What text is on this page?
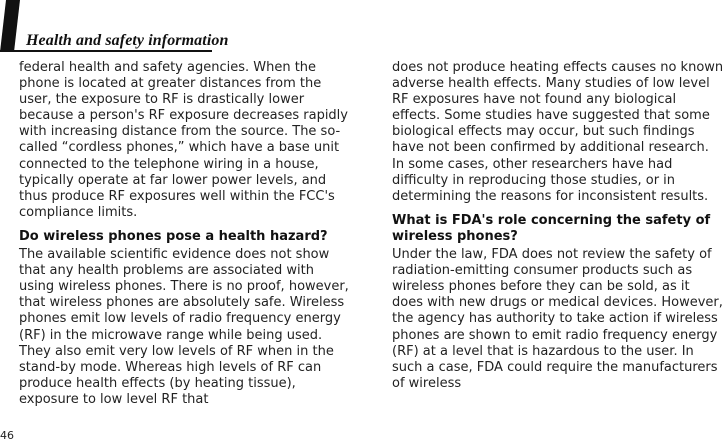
Health and safety information

federal health and safety agencies. When the phone is located at greater distances from the user, the exposure to RF is drastically lower because a person's RF exposure decreases rapidly with increasing distance from the source. The so-called “cordless phones,” which have a base unit connected to the telephone wiring in a house, typically operate at far lower power levels, and thus produce RF exposures well within the FCC's compliance limits.

Do wireless phones pose a health hazard?

The available scientific evidence does not show that any health problems are associated with using wireless phones. There is no proof, however, that wireless phones are absolutely safe. Wireless phones emit low levels of radio frequency energy (RF) in the microwave range while being used. They also emit very low levels of RF when in the stand-by mode. Whereas high levels of RF can produce health effects (by heating tissue), exposure to low level RF that

does not produce heating effects causes no known adverse health effects. Many studies of low level RF exposures have not found any biological effects. Some studies have suggested that some biological effects may occur, but such findings have not been confirmed by additional research. In some cases, other researchers have had difficulty in reproducing those studies, or in determining the reasons for inconsistent results.

What is FDA's role concerning the safety of wireless phones?

Under the law, FDA does not review the safety of radiation-emitting consumer products such as wireless phones before they can be sold, as it does with new drugs or medical devices. However, the agency has authority to take action if wireless phones are shown to emit radio frequency energy (RF) at a level that is hazardous to the user. In such a case, FDA could require the manufacturers of wireless

46
